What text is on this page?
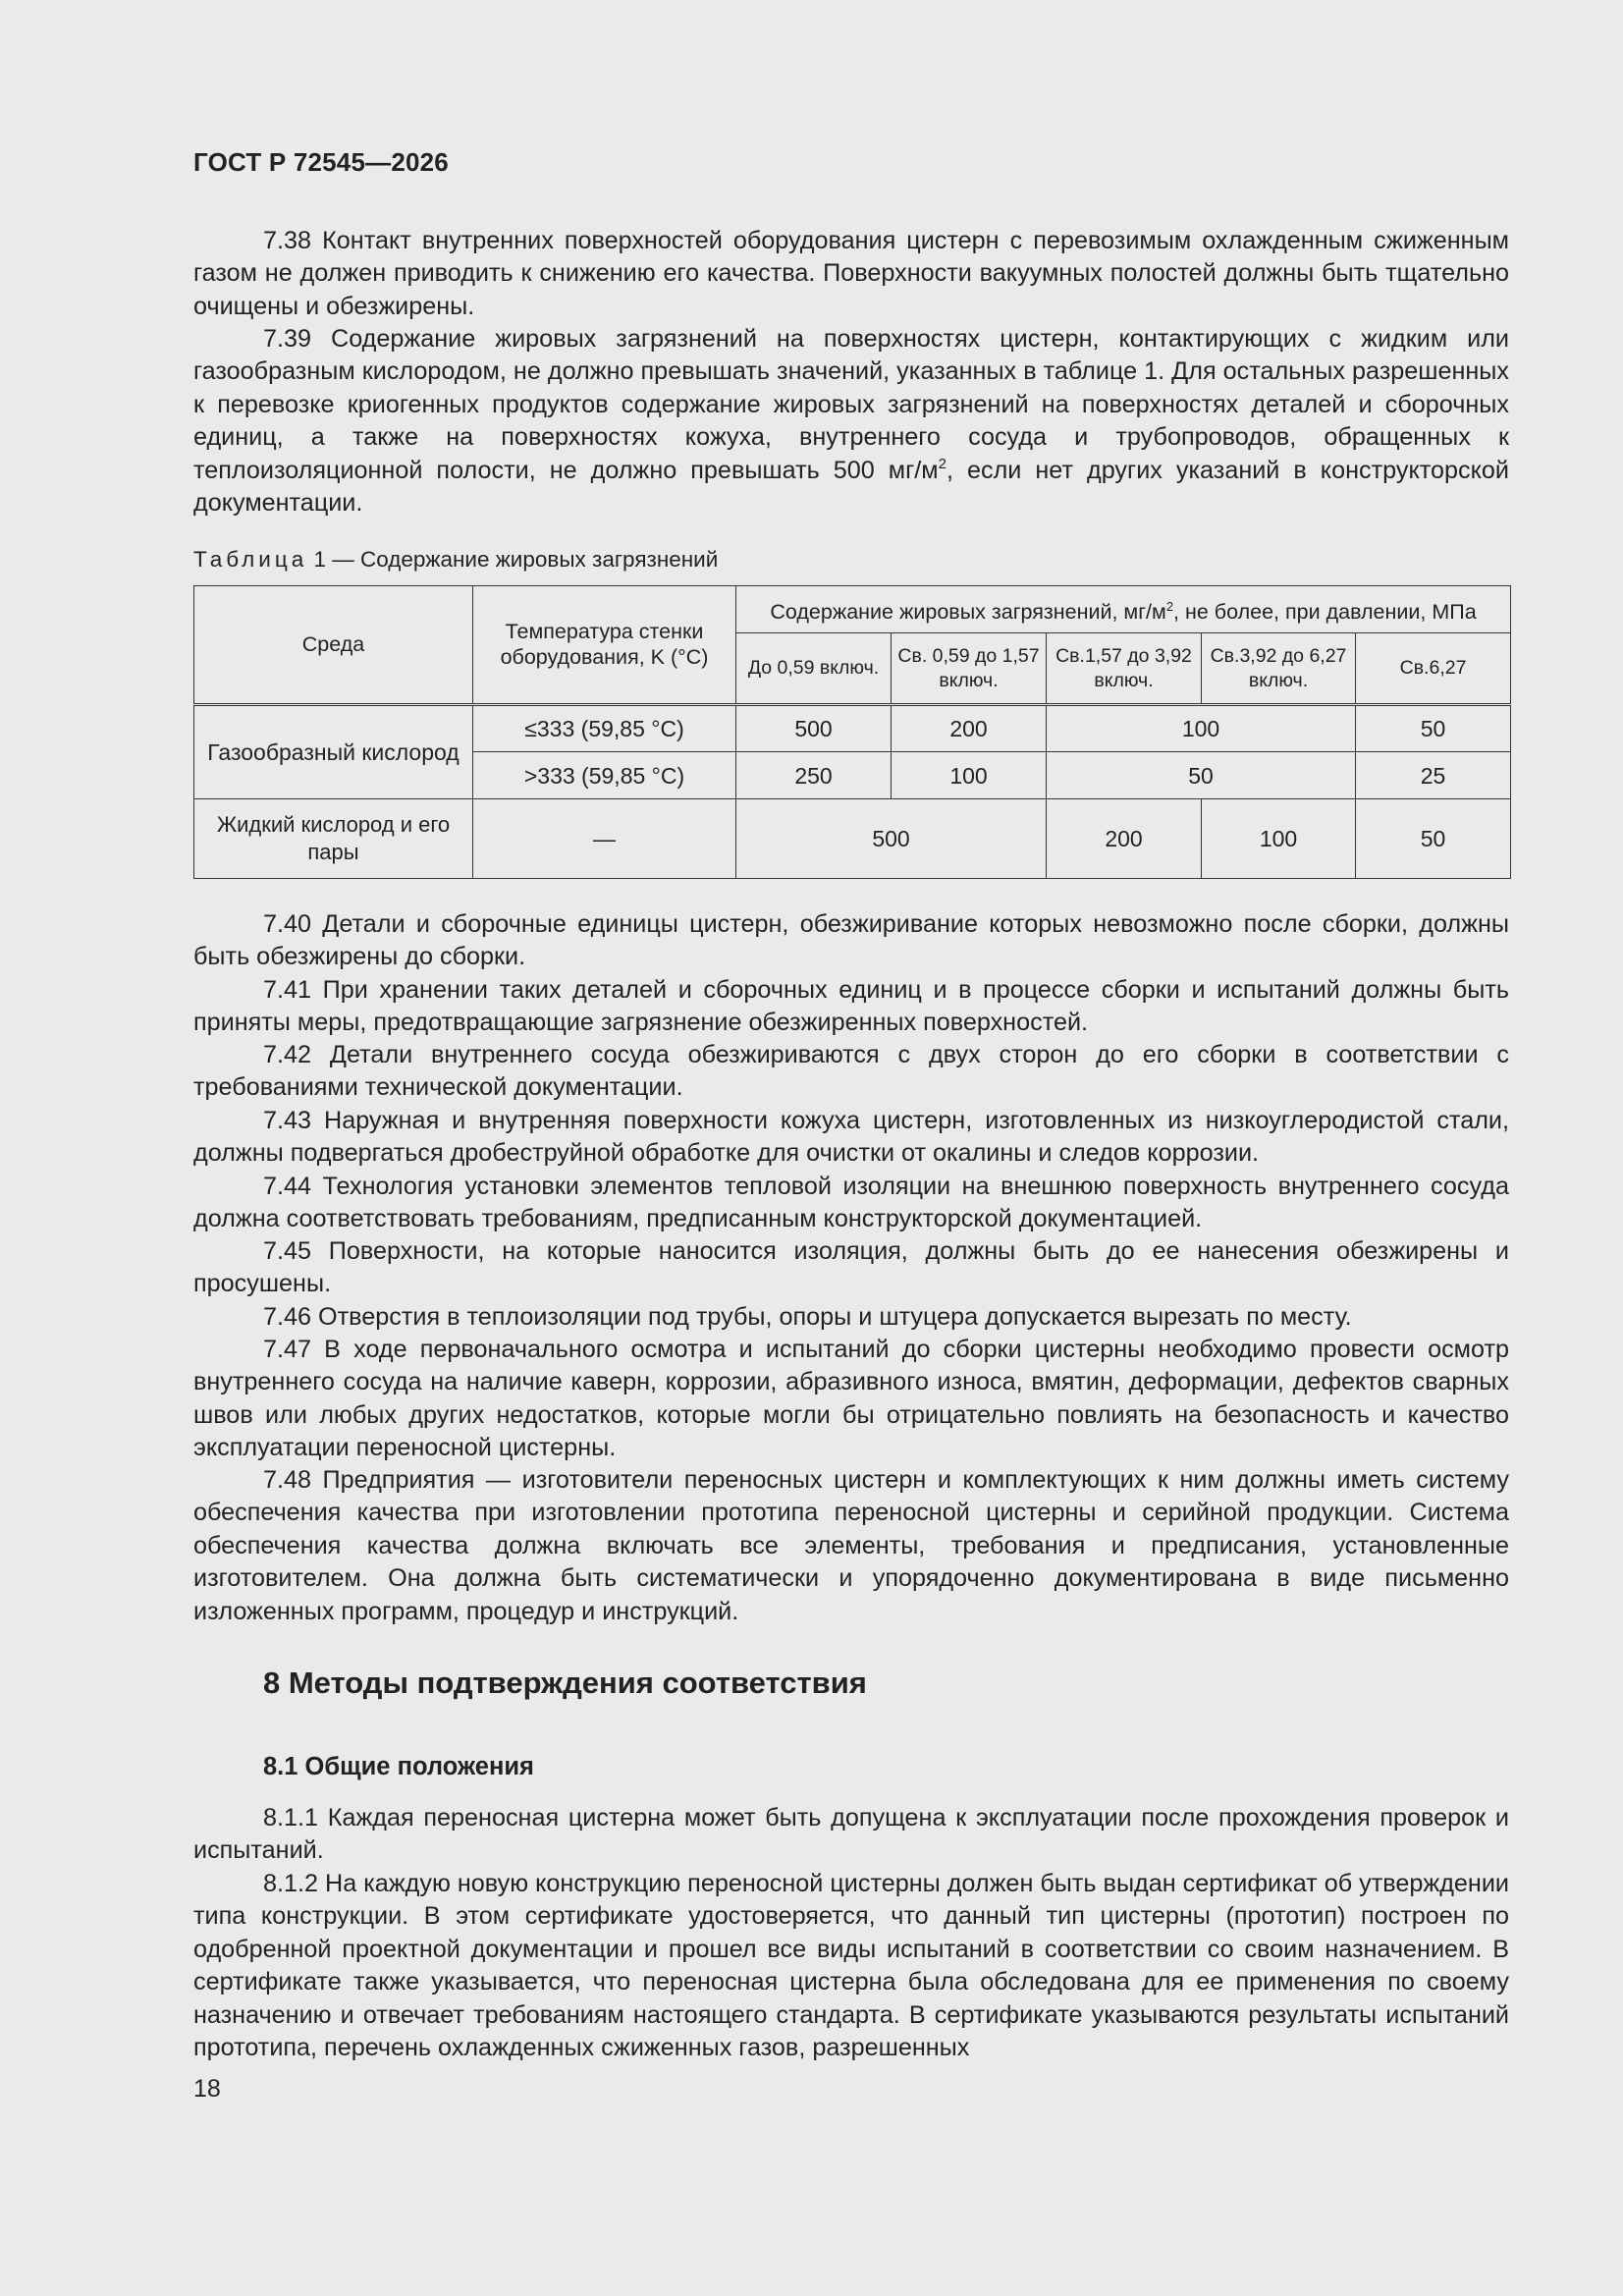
ГОСТ Р 72545—2026

7.38 Контакт внутренних поверхностей оборудования цистерн с перевозимым охлажденным сжиженным газом не должен приводить к снижению его качества. Поверхности вакуумных полостей должны быть тщательно очищены и обезжирены.

7.39 Содержание жировых загрязнений на поверхностях цистерн, контактирующих с жидким или газообразным кислородом, не должно превышать значений, указанных в таблице 1. Для остальных разрешенных к перевозке криогенных продуктов содержание жировых загрязнений на поверхностях деталей и сборочных единиц, а также на поверхностях кожуха, внутреннего сосуда и трубопроводов, обращенных к теплоизоляционной полости, не должно превышать 500 $мг/м^2$, если нет других указаний в конструкторской документации.

Таблица 1 — Содержание жировых загрязнений
Среда	Температура стенки оборудования, K (°С)	Содержание жировых загрязнений, $мг/м^2$, не более, при давлении, МПа				
		До 0,59 включ.	Св. 0,59 до 1,57 включ.	Св.1,57 до 3,92 включ.	Св.3,92 до 6,27 включ.	Св.6,27
Газообразный кислород	≤333 (59,85 °С)	500	200	100		50
	>333 (59,85 °С)	250	100	50		25
Жидкий кислород и его пары	—	500		200	100	50

7.40 Детали и сборочные единицы цистерн, обезжиривание которых невозможно после сборки, должны быть обезжирены до сборки.

7.41 При хранении таких деталей и сборочных единиц и в процессе сборки и испытаний должны быть приняты меры, предотвращающие загрязнение обезжиренных поверхностей.

7.42 Детали внутреннего сосуда обезжириваются с двух сторон до его сборки в соответствии с требованиями технической документации.

7.43 Наружная и внутренняя поверхности кожуха цистерн, изготовленных из низкоуглеродистой стали, должны подвергаться дробеструйной обработке для очистки от окалины и следов коррозии.

7.44 Технология установки элементов тепловой изоляции на внешнюю поверхность внутреннего сосуда должна соответствовать требованиям, предписанным конструкторской документацией.

7.45 Поверхности, на которые наносится изоляция, должны быть до ее нанесения обезжирены и просушены.

7.46 Отверстия в теплоизоляции под трубы, опоры и штуцера допускается вырезать по месту.

7.47 В ходе первоначального осмотра и испытаний до сборки цистерны необходимо провести осмотр внутреннего сосуда на наличие каверн, коррозии, абразивного износа, вмятин, деформации, дефектов сварных швов или любых других недостатков, которые могли бы отрицательно повлиять на безопасность и качество эксплуатации переносной цистерны.

7.48 Предприятия — изготовители переносных цистерн и комплектующих к ним должны иметь систему обеспечения качества при изготовлении прототипа переносной цистерны и серийной продукции. Система обеспечения качества должна включать все элементы, требования и предписания, установленные изготовителем. Она должна быть систематически и упорядоченно документирована в виде письменно изложенных программ, процедур и инструкций.

8 Методы подтверждения соответствия
8.1 Общие положения

8.1.1 Каждая переносная цистерна может быть допущена к эксплуатации после прохождения проверок и испытаний.

8.1.2 На каждую новую конструкцию переносной цистерны должен быть выдан сертификат об утверждении типа конструкции. В этом сертификате удостоверяется, что данный тип цистерны (прототип) построен по одобренной проектной документации и прошел все виды испытаний в соответствии со своим назначением. В сертификате также указывается, что переносная цистерна была обследована для ее применения по своему назначению и отвечает требованиям настоящего стандарта. В сертификате указываются результаты испытаний прототипа, перечень охлажденных сжиженных газов, разрешенных

18
